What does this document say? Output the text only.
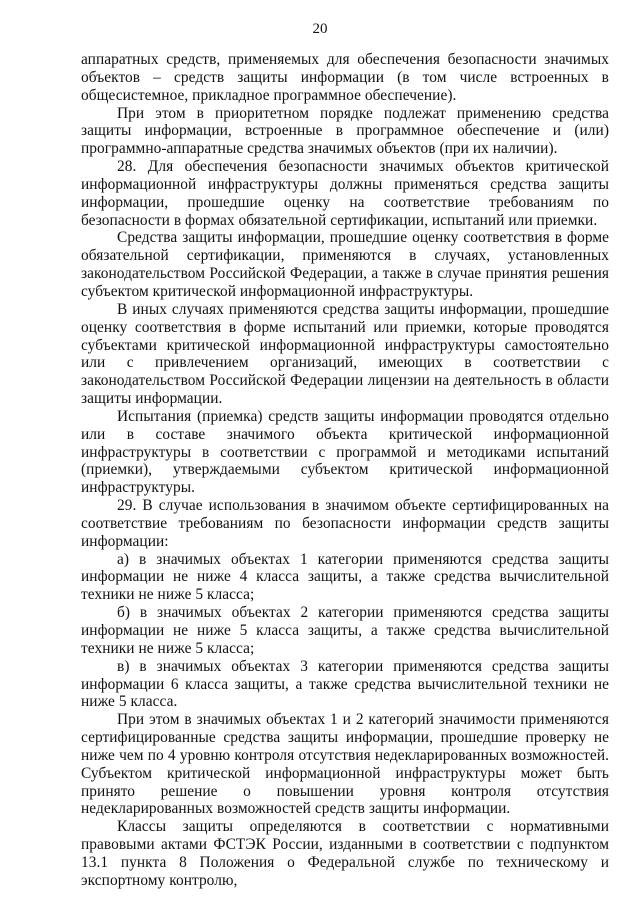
20

аппаратных средств, применяемых для обеспечения безопасности значимых объектов – средств защиты информации (в том числе встроенных в общесистемное, прикладное программное обеспечение).

При этом в приоритетном порядке подлежат применению средства защиты информации, встроенные в программное обеспечение и (или) программно-аппаратные средства значимых объектов (при их наличии).

28. Для обеспечения безопасности значимых объектов критической информационной инфраструктуры должны применяться средства защиты информации, прошедшие оценку на соответствие требованиям по безопасности в формах обязательной сертификации, испытаний или приемки.

Средства защиты информации, прошедшие оценку соответствия в форме обязательной сертификации, применяются в случаях, установленных законодательством Российской Федерации, а также в случае принятия решения субъектом критической информационной инфраструктуры.

В иных случаях применяются средства защиты информации, прошедшие оценку соответствия в форме испытаний или приемки, которые проводятся субъектами критической информационной инфраструктуры самостоятельно или с привлечением организаций, имеющих в соответствии с законодательством Российской Федерации лицензии на деятельность в области защиты информации.

Испытания (приемка) средств защиты информации проводятся отдельно или в составе значимого объекта критической информационной инфраструктуры в соответствии с программой и методиками испытаний (приемки), утверждаемыми субъектом критической информационной инфраструктуры.

29. В случае использования в значимом объекте сертифицированных на соответствие требованиям по безопасности информации средств защиты информации:

а) в значимых объектах 1 категории применяются средства защиты информации не ниже 4 класса защиты, а также средства вычислительной техники не ниже 5 класса;

б) в значимых объектах 2 категории применяются средства защиты информации не ниже 5 класса защиты, а также средства вычислительной техники не ниже 5 класса;

в) в значимых объектах 3 категории применяются средства защиты информации 6 класса защиты, а также средства вычислительной техники не ниже 5 класса.

При этом в значимых объектах 1 и 2 категорий значимости применяются сертифицированные средства защиты информации, прошедшие проверку не ниже чем по 4 уровню контроля отсутствия недекларированных возможностей. Субъектом критической информационной инфраструктуры может быть принято решение о повышении уровня контроля отсутствия недекларированных возможностей средств защиты информации.

Классы защиты определяются в соответствии с нормативными правовыми актами ФСТЭК России, изданными в соответствии с подпунктом 13.1 пункта 8 Положения о Федеральной службе по техническому и экспортному контролю,
